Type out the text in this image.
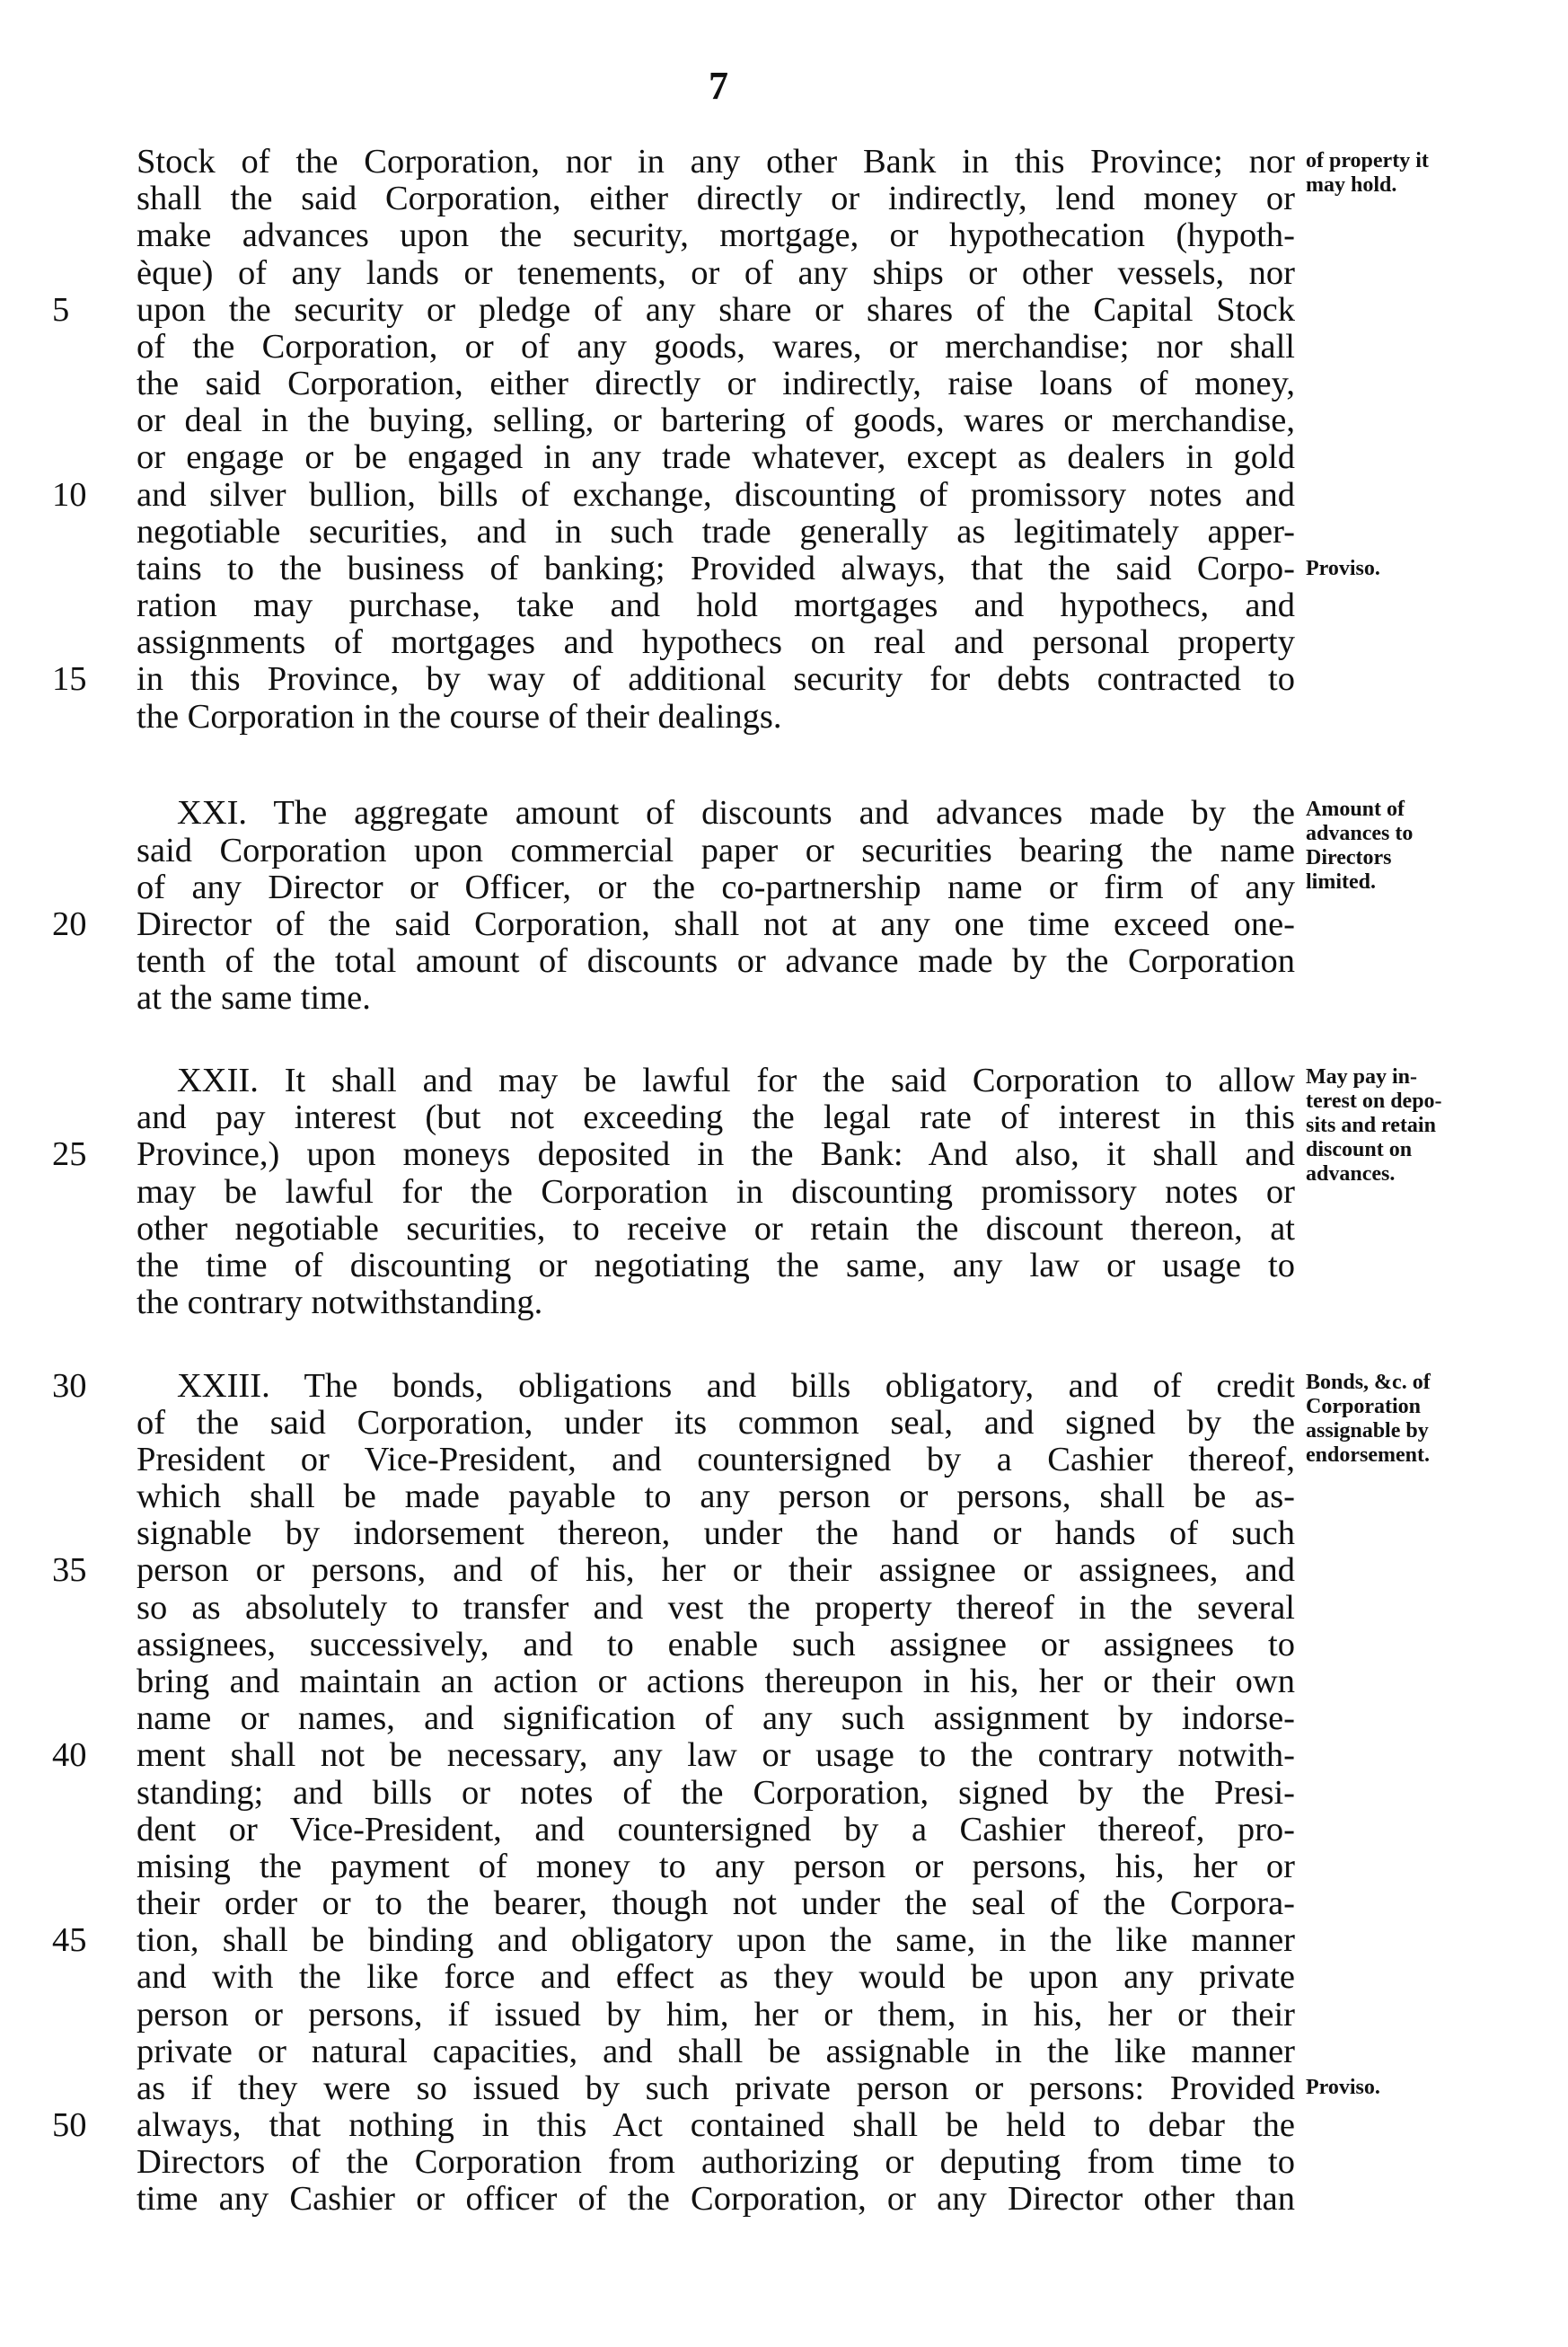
7
Stock of the Corporation, nor in any other Bank in this Province; nor
shall the said Corporation, either directly or indirectly, lend money or
make advances upon the security, mortgage, or hypothecation (hypoth-
èque) of any lands or tenements, or of any ships or other vessels, nor
upon the security or pledge of any share or shares of the Capital Stock
5
of the Corporation, or of any goods, wares, or merchandise; nor shall
the said Corporation, either directly or indirectly, raise loans of money,
or deal in the buying, selling, or bartering of goods, wares or merchandise,
or engage or be engaged in any trade whatever, except as dealers in gold
and silver bullion, bills of exchange, discounting of promissory notes and
10
negotiable securities, and in such trade generally as legitimately apper-
tains to the business of banking; Provided always, that the said Corpo-
ration may purchase, take and hold mortgages and hypothecs, and
assignments of mortgages and hypothecs on real and personal property
in this Province, by way of additional security for debts contracted to
15
the Corporation in the course of their dealings.
XXI. The aggregate amount of discounts and advances made by the
said Corporation upon commercial paper or securities bearing the name
of any Director or Officer, or the co-partnership name or firm of any
Director of the said Corporation, shall not at any one time exceed one-
20
tenth of the total amount of discounts or advance made by the Corporation
at the same time.
XXII. It shall and may be lawful for the said Corporation to allow
and pay interest (but not exceeding the legal rate of interest in this
Province,) upon moneys deposited in the Bank: And also, it shall and
25
may be lawful for the Corporation in discounting promissory notes or
other negotiable securities, to receive or retain the discount thereon, at
the time of discounting or negotiating the same, any law or usage to
the contrary notwithstanding.
XXIII. The bonds, obligations and bills obligatory, and of credit
30
of the said Corporation, under its common seal, and signed by the
President or Vice-President, and countersigned by a Cashier thereof,
which shall be made payable to any person or persons, shall be as-
signable by indorsement thereon, under the hand or hands of such
person or persons, and of his, her or their assignee or assignees, and
35
so as absolutely to transfer and vest the property thereof in the several
assignees, successively, and to enable such assignee or assignees to
bring and maintain an action or actions thereupon in his, her or their own
name or names, and signification of any such assignment by indorse-
ment shall not be necessary, any law or usage to the contrary notwith-
40
standing; and bills or notes of the Corporation, signed by the Presi-
dent or Vice-President, and countersigned by a Cashier thereof, pro-
mising the payment of money to any person or persons, his, her or
their order or to the bearer, though not under the seal of the Corpora-
tion, shall be binding and obligatory upon the same, in the like manner
45
and with the like force and effect as they would be upon any private
person or persons, if issued by him, her or them, in his, her or their
private or natural capacities, and shall be assignable in the like manner
as if they were so issued by such private person or persons: Provided
always, that nothing in this Act contained shall be held to debar the
50
Directors of the Corporation from authorizing or deputing from time to
time any Cashier or officer of the Corporation, or any Director other than
of property it
may hold.
Proviso.
Amount of
advances to
Directors
limited.
May pay in-
terest on depo-
sits and retain
discount on
advances.
Bonds, &c. of
Corporation
assignable by
endorsement.
Proviso.
